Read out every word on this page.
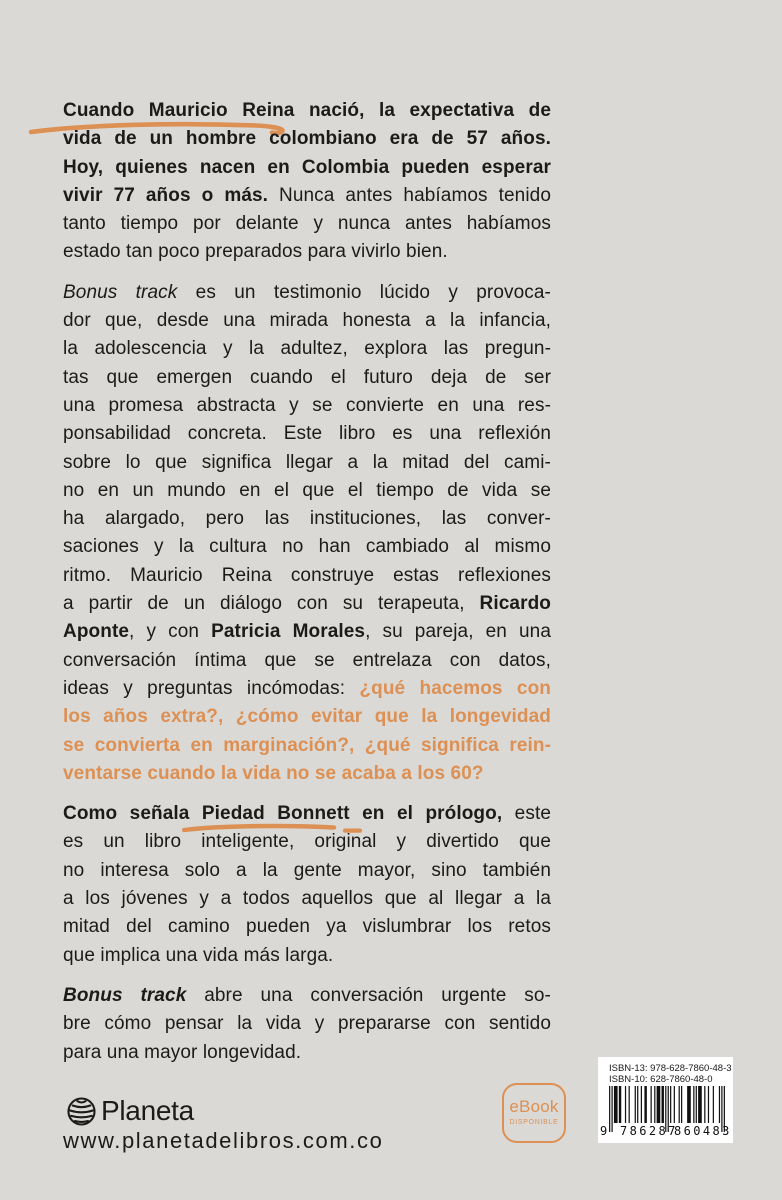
Cuando Mauricio Reina nació, la expectativa de
vida de un hombre colombiano era de 57 años.
Hoy, quienes nacen en Colombia pueden esperar
vivir 77 años o más. Nunca antes habíamos tenido
tanto tiempo por delante y nunca antes habíamos
estado tan poco preparados para vivirlo bien.
Bonus track es un testimonio lúcido y provoca-
dor que, desde una mirada honesta a la infancia,
la adolescencia y la adultez, explora las pregun-
tas que emergen cuando el futuro deja de ser
una promesa abstracta y se convierte en una res-
ponsabilidad concreta. Este libro es una reflexión
sobre lo que significa llegar a la mitad del cami-
no en un mundo en el que el tiempo de vida se
ha alargado, pero las instituciones, las conver-
saciones y la cultura no han cambiado al mismo
ritmo. Mauricio Reina construye estas reflexiones
a partir de un diálogo con su terapeuta, Ricardo
Aponte, y con Patricia Morales, su pareja, en una
conversación íntima que se entrelaza con datos,
ideas y preguntas incómodas: ¿qué hacemos con
los años extra?, ¿cómo evitar que la longevidad
se convierta en marginación?, ¿qué significa rein-
ventarse cuando la vida no se acaba a los 60?
Como señala Piedad Bonnett en el prólogo, este
es un libro inteligente, original y divertido que
no interesa solo a la gente mayor, sino también
a los jóvenes y a todos aquellos que al llegar a la
mitad del camino pueden ya vislumbrar los retos
que implica una vida más larga.
Bonus track abre una conversación urgente so-
bre cómo pensar la vida y prepararse con sentido
para una mayor longevidad.
Planeta
www.planetadelibros.com.co
eBook
DISPONIBLE
ISBN-13: 978-628-7860-48-3
ISBN-10: 628-7860-48-0
9 786287
860483
